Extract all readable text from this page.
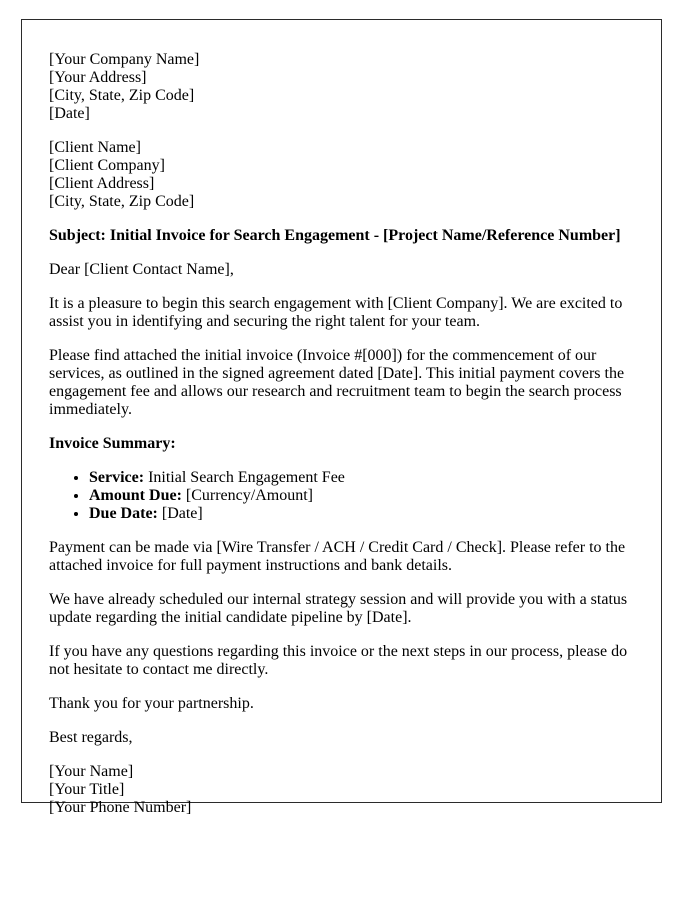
[Your Company Name]
[Your Address]
[City, State, Zip Code]
[Date]

[Client Name]
[Client Company]
[Client Address]
[City, State, Zip Code]

Subject: Initial Invoice for Search Engagement - [Project Name/Reference Number]

Dear [Client Contact Name],

It is a pleasure to begin this search engagement with [Client Company]. We are excited to assist you in identifying and securing the right talent for your team.

Please find attached the initial invoice (Invoice #[000]) for the commencement of our services, as outlined in the signed agreement dated [Date]. This initial payment covers the engagement fee and allows our research and recruitment team to begin the search process immediately.

Invoice Summary:

• Service: Initial Search Engagement Fee
• Amount Due: [Currency/Amount]
• Due Date: [Date]

Payment can be made via [Wire Transfer / ACH / Credit Card / Check]. Please refer to the attached invoice for full payment instructions and bank details.

We have already scheduled our internal strategy session and will provide you with a status update regarding the initial candidate pipeline by [Date].

If you have any questions regarding this invoice or the next steps in our process, please do not hesitate to contact me directly.

Thank you for your partnership.

Best regards,

[Your Name]
[Your Title]
[Your Phone Number]
